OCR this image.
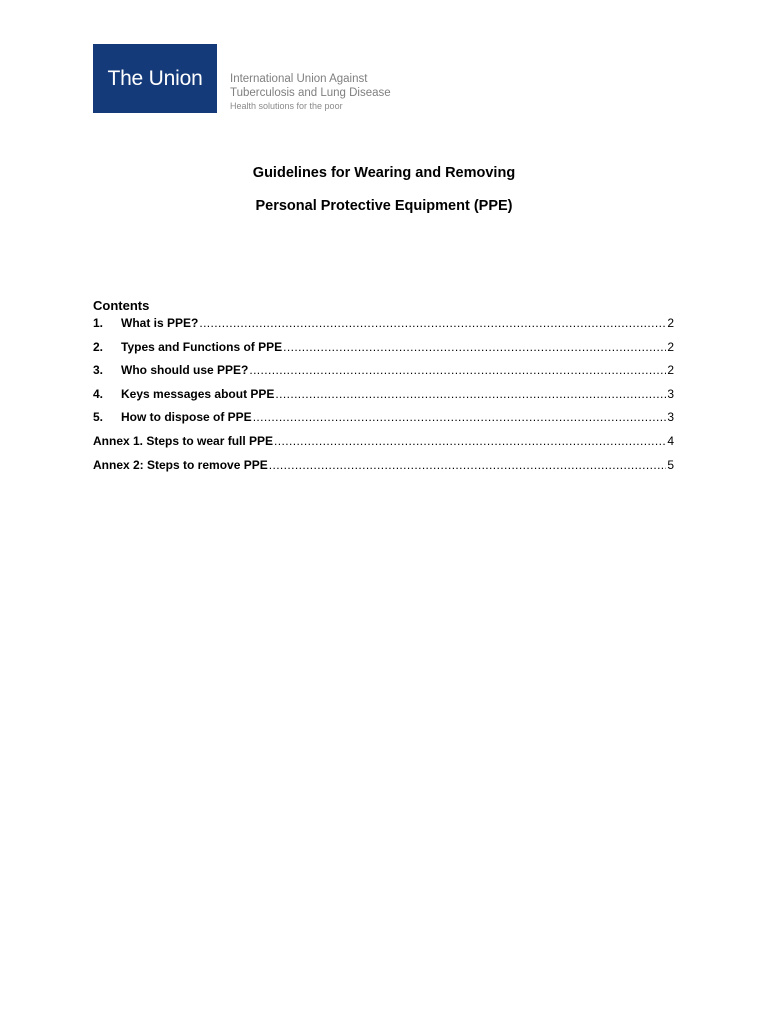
The Union International Union Against
Tuberculosis and Lung Disease
Health solutions for the poor
Guidelines for Wearing and Removing
Personal Protective Equipment (PPE)
Contents
1.	What is PPE? .....	2
2.	Types and Functions of PPE .....	2
3.	Who should use PPE? .....	2
4.	Keys messages about PPE .....	3
5.	How to dispose of PPE .....	3
Annex 1. Steps to wear full PPE .....	4
Annex 2: Steps to remove PPE .....	5
